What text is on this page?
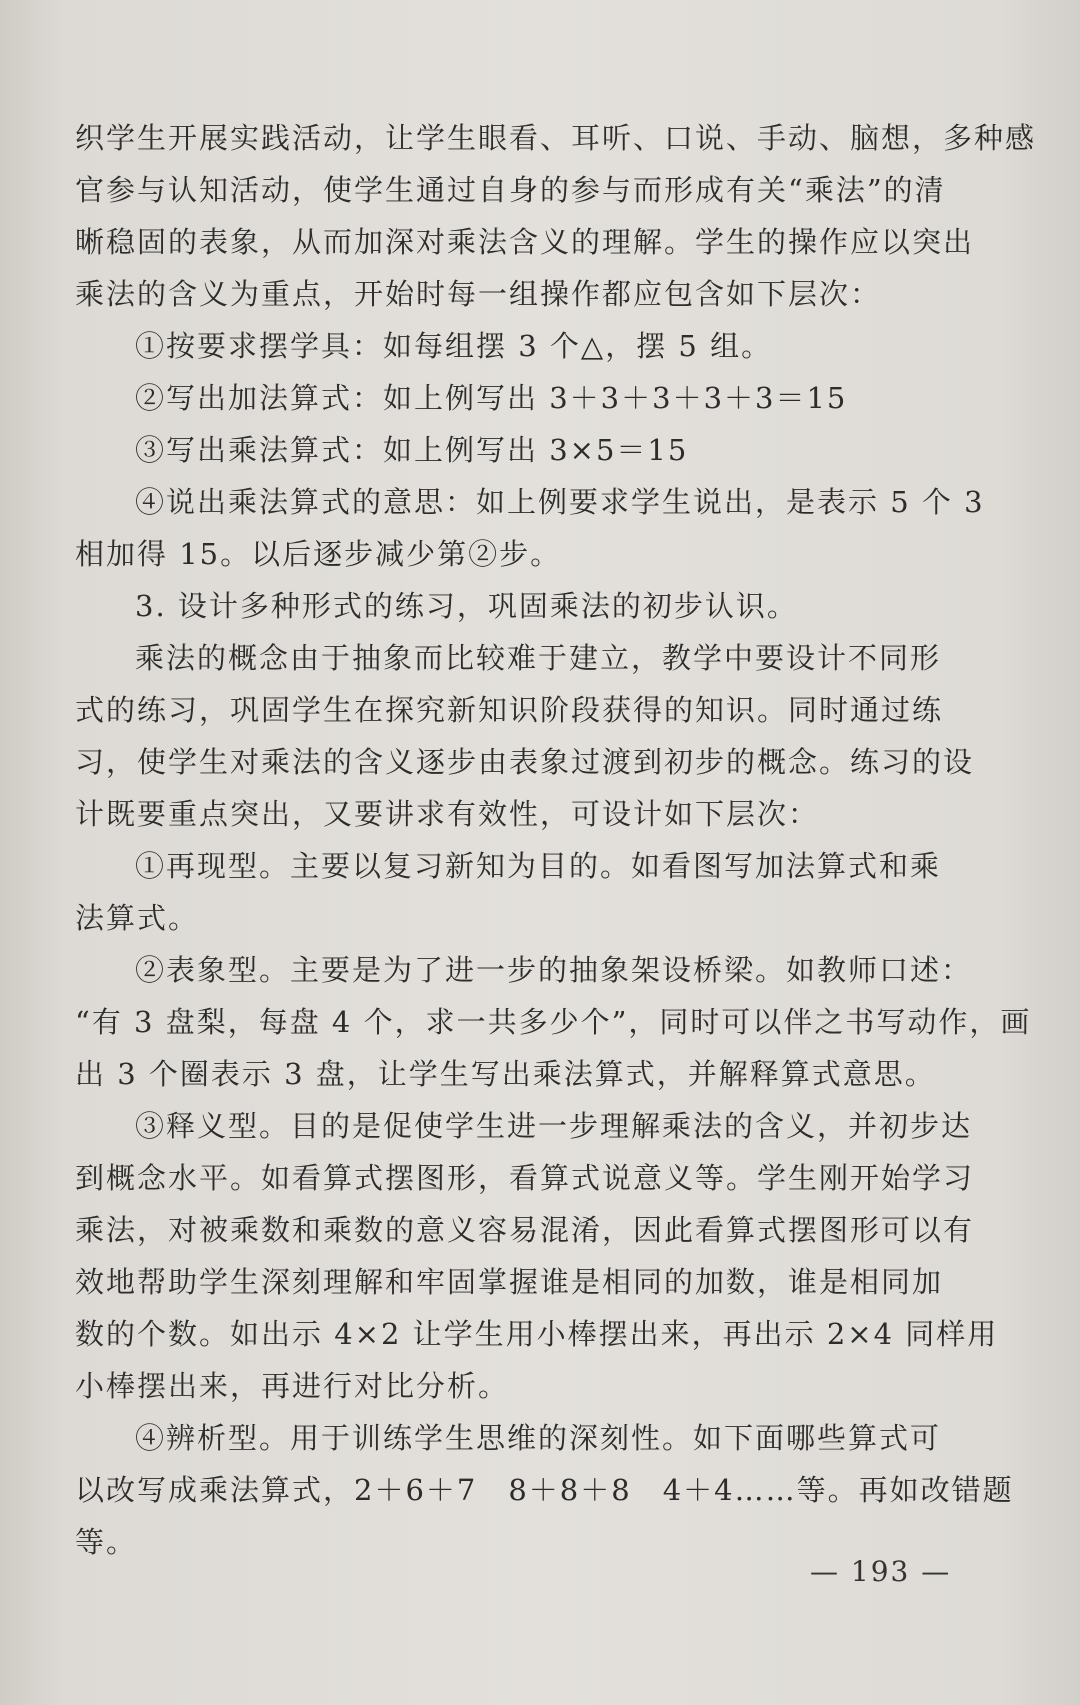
织学生开展实践活动，让学生眼看、耳听、口说、手动、脑想，多种感
官参与认知活动，使学生通过自身的参与而形成有关“乘法”的清
晰稳固的表象，从而加深对乘法含义的理解。学生的操作应以突出
乘法的含义为重点，开始时每一组操作都应包含如下层次：
①按要求摆学具：如每组摆 3 个△，摆 5 组。
②写出加法算式：如上例写出 3＋3＋3＋3＋3＝15
③写出乘法算式：如上例写出 3×5＝15
④说出乘法算式的意思：如上例要求学生说出，是表示 5 个 3
相加得 15。以后逐步减少第②步。
3. 设计多种形式的练习，巩固乘法的初步认识。
乘法的概念由于抽象而比较难于建立，教学中要设计不同形
式的练习，巩固学生在探究新知识阶段获得的知识。同时通过练
习，使学生对乘法的含义逐步由表象过渡到初步的概念。练习的设
计既要重点突出，又要讲求有效性，可设计如下层次：
①再现型。主要以复习新知为目的。如看图写加法算式和乘
法算式。
②表象型。主要是为了进一步的抽象架设桥梁。如教师口述：
“有 3 盘梨，每盘 4 个，求一共多少个”，同时可以伴之书写动作，画
出 3 个圈表示 3 盘，让学生写出乘法算式，并解释算式意思。
③释义型。目的是促使学生进一步理解乘法的含义，并初步达
到概念水平。如看算式摆图形，看算式说意义等。学生刚开始学习
乘法，对被乘数和乘数的意义容易混淆，因此看算式摆图形可以有
效地帮助学生深刻理解和牢固掌握谁是相同的加数，谁是相同加
数的个数。如出示 4×2 让学生用小棒摆出来，再出示 2×4 同样用
小棒摆出来，再进行对比分析。
④辨析型。用于训练学生思维的深刻性。如下面哪些算式可
以改写成乘法算式，2＋6＋7　8＋8＋8　4＋4……等。再如改错题
等。
— 193 —
